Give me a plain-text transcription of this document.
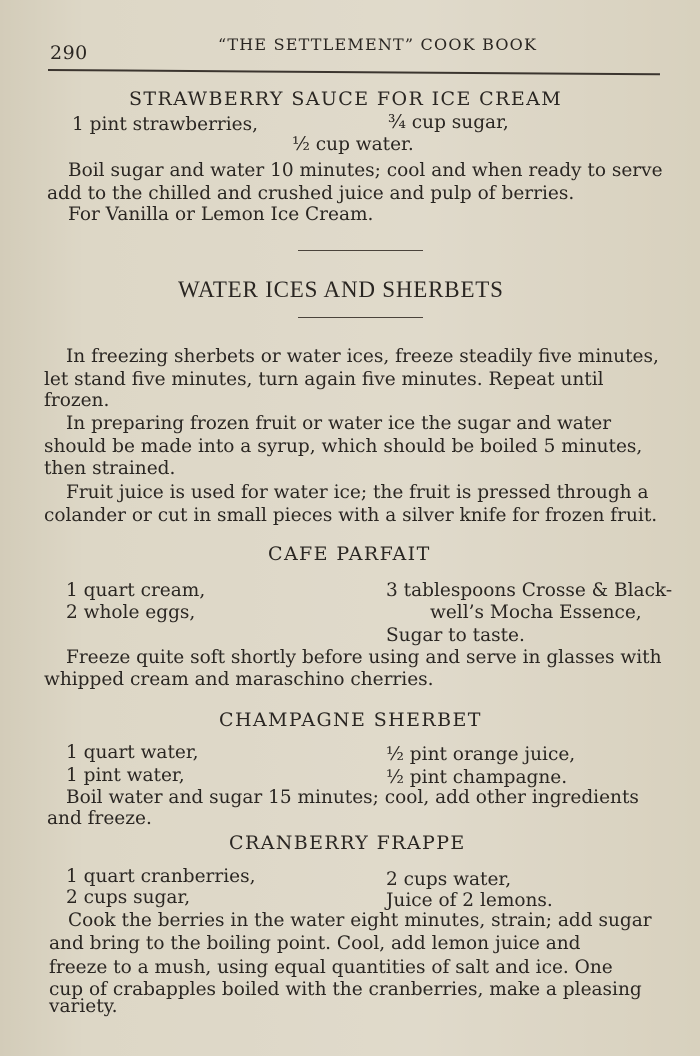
290	“THE SETTLEMENT” COOK BOOK
STRAWBERRY SAUCE FOR ICE CREAM
1 pint strawberries,	¾ cup sugar,
½ cup water.
Boil sugar and water 10 minutes; cool and when ready to serve
add to the chilled and crushed juice and pulp of berries.
For Vanilla or Lemon Ice Cream.
WATER ICES AND SHERBETS
In freezing sherbets or water ices, freeze steadily five minutes,
let stand five minutes, turn again five minutes. Repeat until
frozen.
In preparing frozen fruit or water ice the sugar and water
should be made into a syrup, which should be boiled 5 minutes,
then strained.
Fruit juice is used for water ice; the fruit is pressed through a
colander or cut in small pieces with a silver knife for frozen fruit.
CAFE PARFAIT
1 quart cream,
2 whole eggs,
3 tablespoons Crosse & Black-
well’s Mocha Essence,
Sugar to taste.
Freeze quite soft shortly before using and serve in glasses with
whipped cream and maraschino cherries.
CHAMPAGNE SHERBET
1 quart water,
1 pint water,
½ pint orange juice,
½ pint champagne.
Boil water and sugar 15 minutes; cool, add other ingredients
and freeze.
CRANBERRY FRAPPE
1 quart cranberries,
2 cups sugar,
2 cups water,
Juice of 2 lemons.
Cook the berries in the water eight minutes, strain; add sugar
and bring to the boiling point. Cool, add lemon juice and
freeze to a mush, using equal quantities of salt and ice. One
cup of crabapples boiled with the cranberries, make a pleasing
variety.
